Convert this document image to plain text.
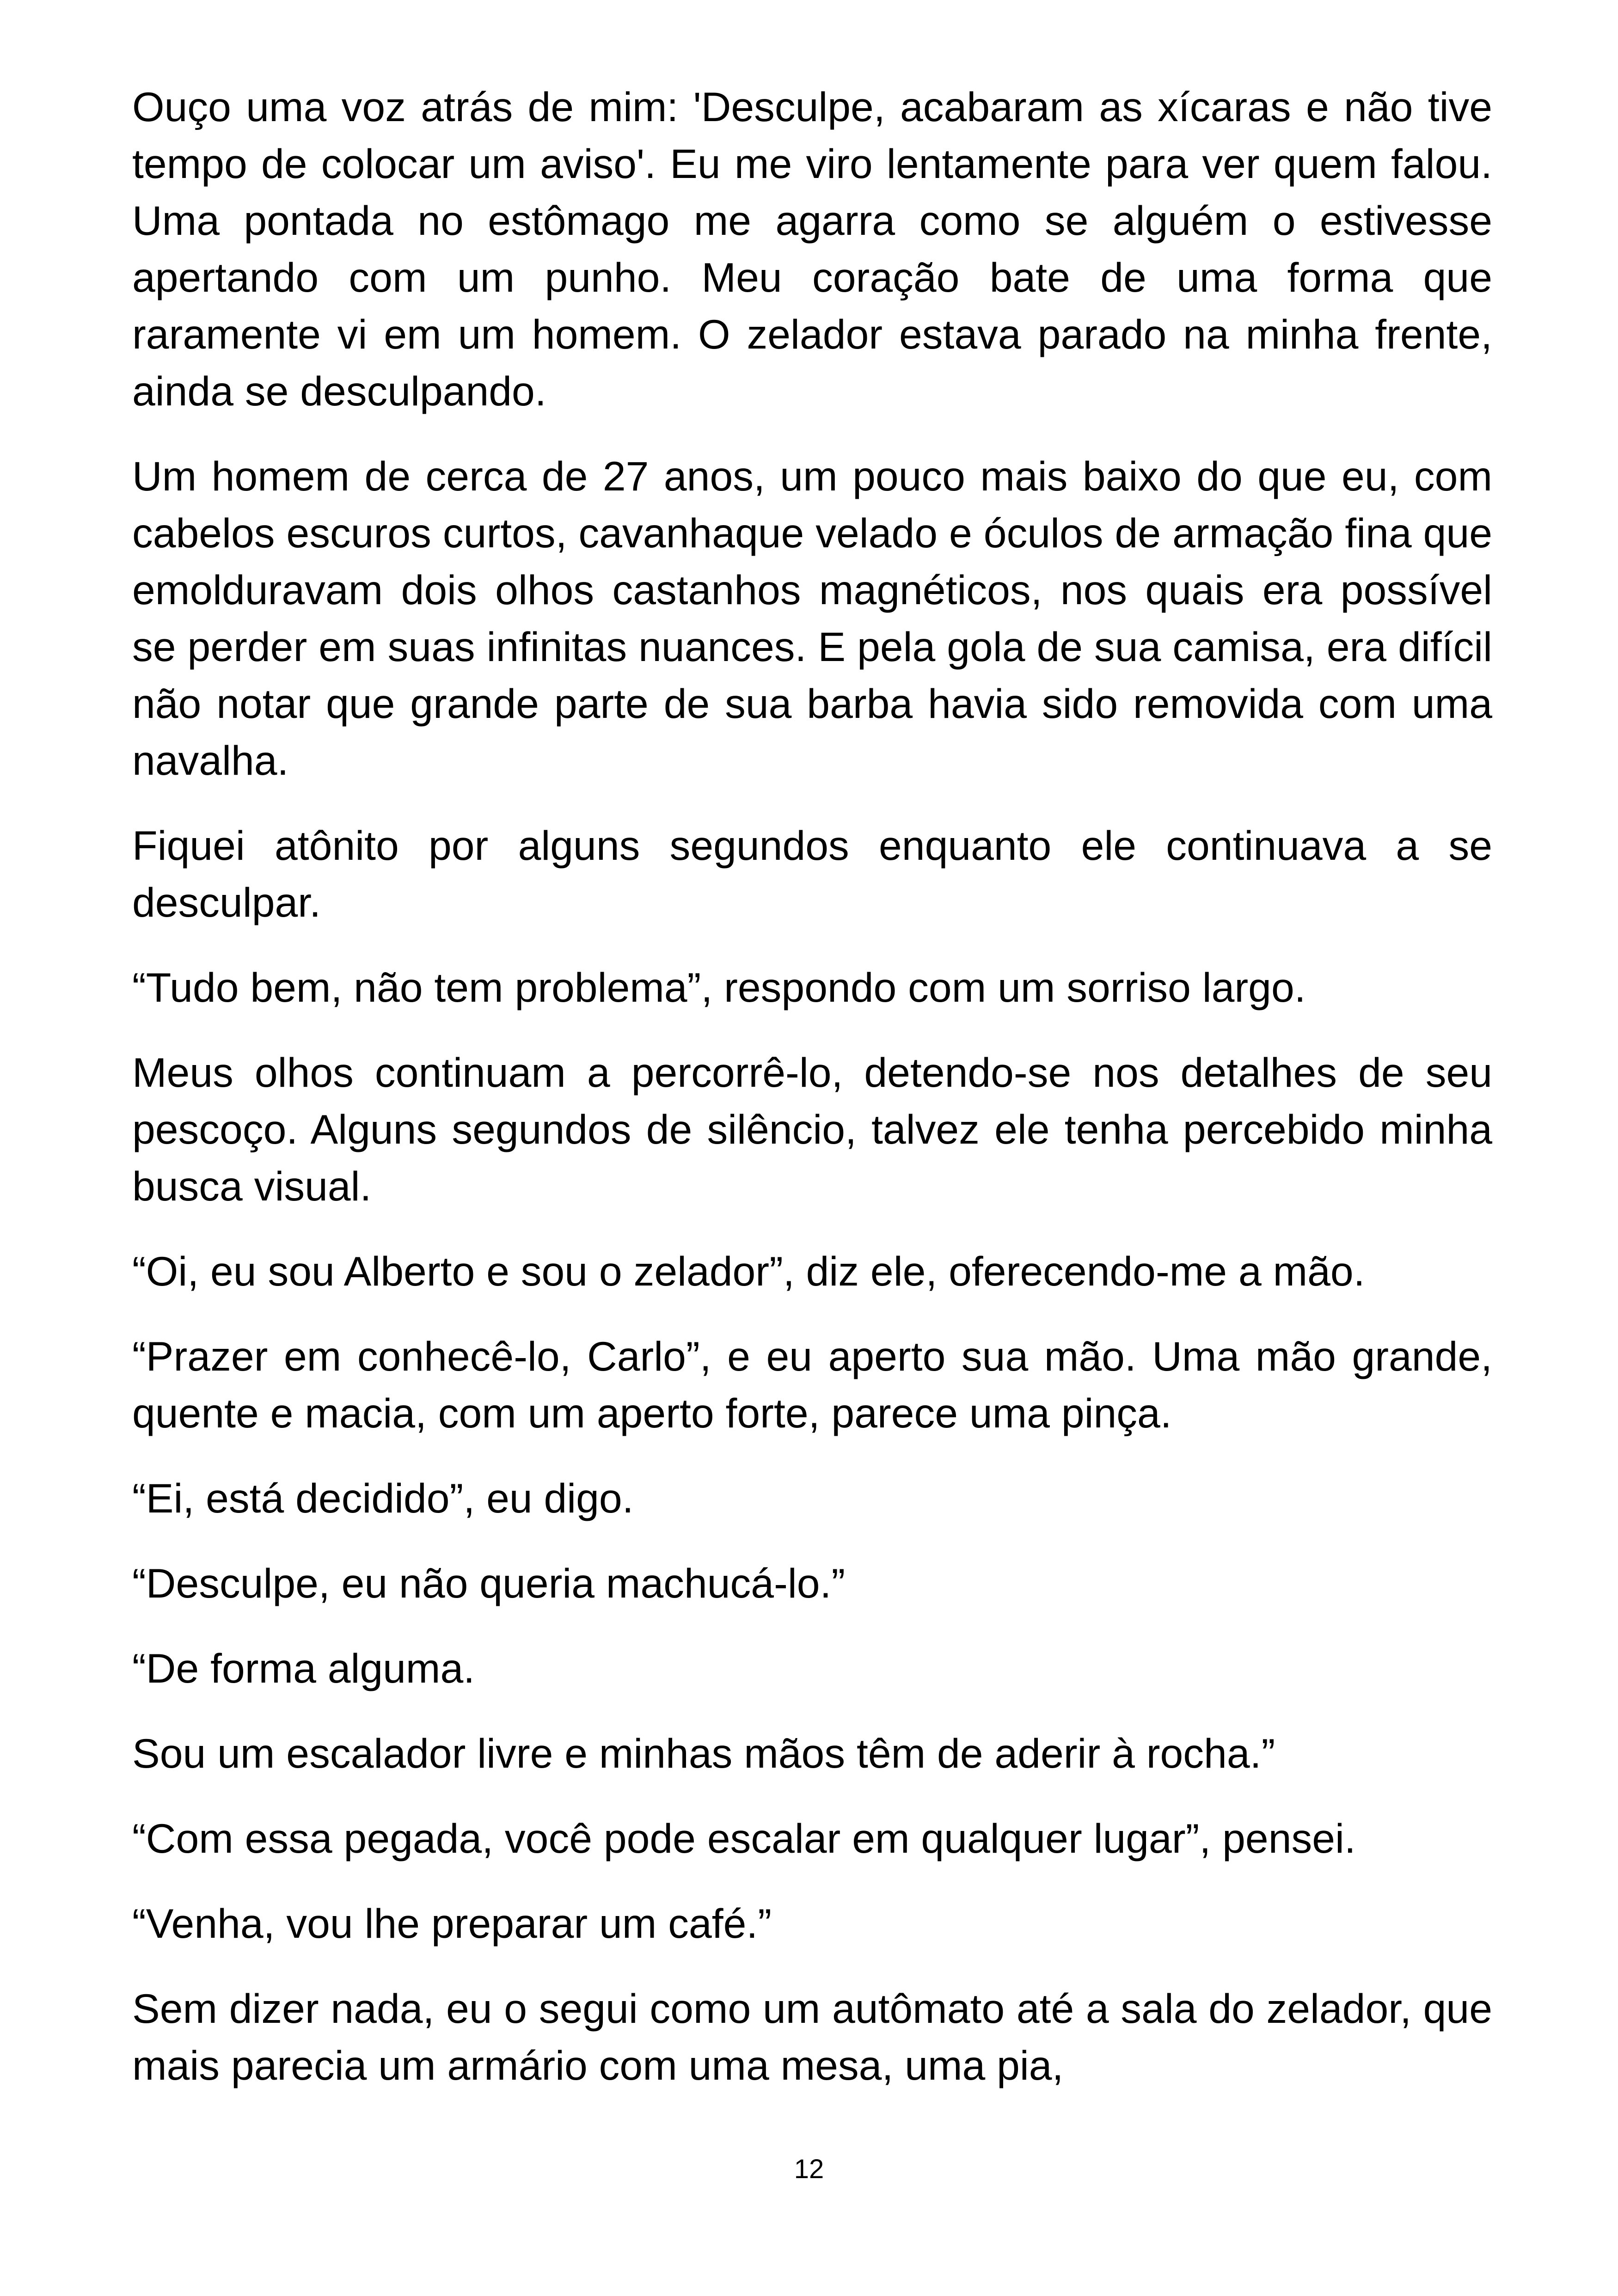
Ouço uma voz atrás de mim: 'Desculpe, acabaram as xícaras e não tive tempo de colocar um aviso'. Eu me viro lentamente para ver quem falou. Uma pontada no estômago me agarra como se alguém o estivesse apertando com um punho. Meu coração bate de uma forma que raramente vi em um homem. O zelador estava parado na minha frente, ainda se desculpando.

Um homem de cerca de 27 anos, um pouco mais baixo do que eu, com cabelos escuros curtos, cavanhaque velado e óculos de armação fina que emolduravam dois olhos castanhos magnéticos, nos quais era possível se perder em suas infinitas nuances. E pela gola de sua camisa, era difícil não notar que grande parte de sua barba havia sido removida com uma navalha.

Fiquei atônito por alguns segundos enquanto ele continuava a se desculpar.

“Tudo bem, não tem problema”, respondo com um sorriso largo.

Meus olhos continuam a percorrê-lo, detendo-se nos detalhes de seu pescoço. Alguns segundos de silêncio, talvez ele tenha percebido minha busca visual.

“Oi, eu sou Alberto e sou o zelador”, diz ele, oferecendo-me a mão.

“Prazer em conhecê-lo, Carlo”, e eu aperto sua mão. Uma mão grande, quente e macia, com um aperto forte, parece uma pinça.

“Ei, está decidido”, eu digo.

“Desculpe, eu não queria machucá-lo.”

“De forma alguma.

Sou um escalador livre e minhas mãos têm de aderir à rocha.”

“Com essa pegada, você pode escalar em qualquer lugar”, pensei.

“Venha, vou lhe preparar um café.”

Sem dizer nada, eu o segui como um autômato até a sala do zelador, que mais parecia um armário com uma mesa, uma pia,

12
